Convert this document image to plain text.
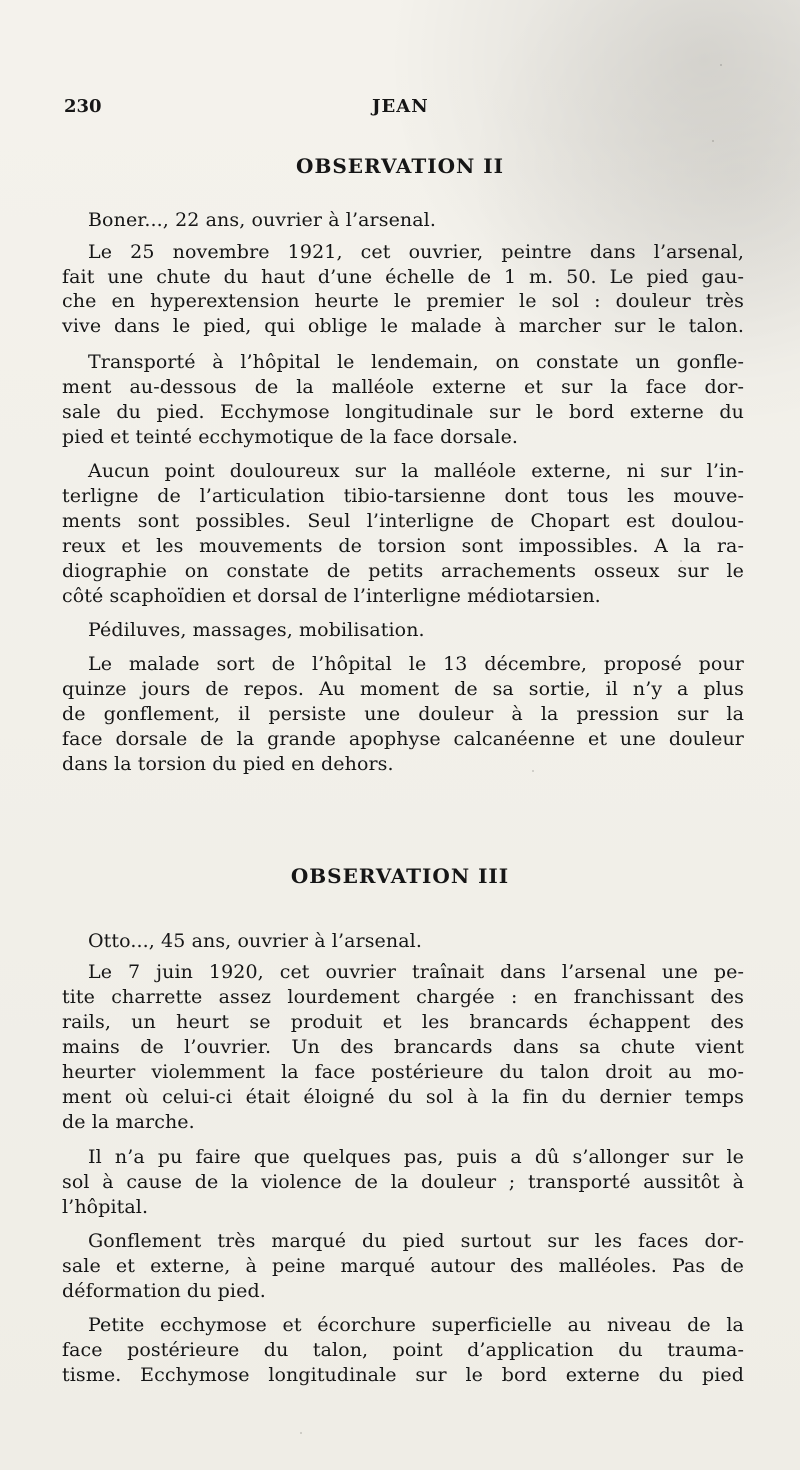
230	JEAN
OBSERVATION II
Boner..., 22 ans, ouvrier à l’arsenal.
Le 25 novembre 1921, cet ouvrier, peintre dans l’arsenal,
fait une chute du haut d’une échelle de 1 m. 50. Le pied gau-
che en hyperextension heurte le premier le sol : douleur très
vive dans le pied, qui oblige le malade à marcher sur le talon.
Transporté à l’hôpital le lendemain, on constate un gonfle-
ment au-dessous de la malléole externe et sur la face dor-
sale du pied. Ecchymose longitudinale sur le bord externe du
pied et teinté ecchymotique de la face dorsale.
Aucun point douloureux sur la malléole externe, ni sur l’in-
terligne de l’articulation tibio-tarsienne dont tous les mouve-
ments sont possibles. Seul l’interligne de Chopart est doulou-
reux et les mouvements de torsion sont impossibles. A la ra-
diographie on constate de petits arrachements osseux sur le
côté scaphoïdien et dorsal de l’interligne médiotarsien.
Pédiluves, massages, mobilisation.
Le malade sort de l’hôpital le 13 décembre, proposé pour
quinze jours de repos. Au moment de sa sortie, il n’y a plus
de gonflement, il persiste une douleur à la pression sur la
face dorsale de la grande apophyse calcanéenne et une douleur
dans la torsion du pied en dehors.
OBSERVATION III
Otto..., 45 ans, ouvrier à l’arsenal.
Le 7 juin 1920, cet ouvrier traînait dans l’arsenal une pe-
tite charrette assez lourdement chargée : en franchissant des
rails, un heurt se produit et les brancards échappent des
mains de l’ouvrier. Un des brancards dans sa chute vient
heurter violemment la face postérieure du talon droit au mo-
ment où celui-ci était éloigné du sol à la fin du dernier temps
de la marche.
Il n’a pu faire que quelques pas, puis a dû s’allonger sur le
sol à cause de la violence de la douleur ; transporté aussitôt à
l’hôpital.
Gonflement très marqué du pied surtout sur les faces dor-
sale et externe, à peine marqué autour des malléoles. Pas de
déformation du pied.
Petite ecchymose et écorchure superficielle au niveau de la
face postérieure du talon, point d’application du trauma-
tisme. Ecchymose longitudinale sur le bord externe du pied
